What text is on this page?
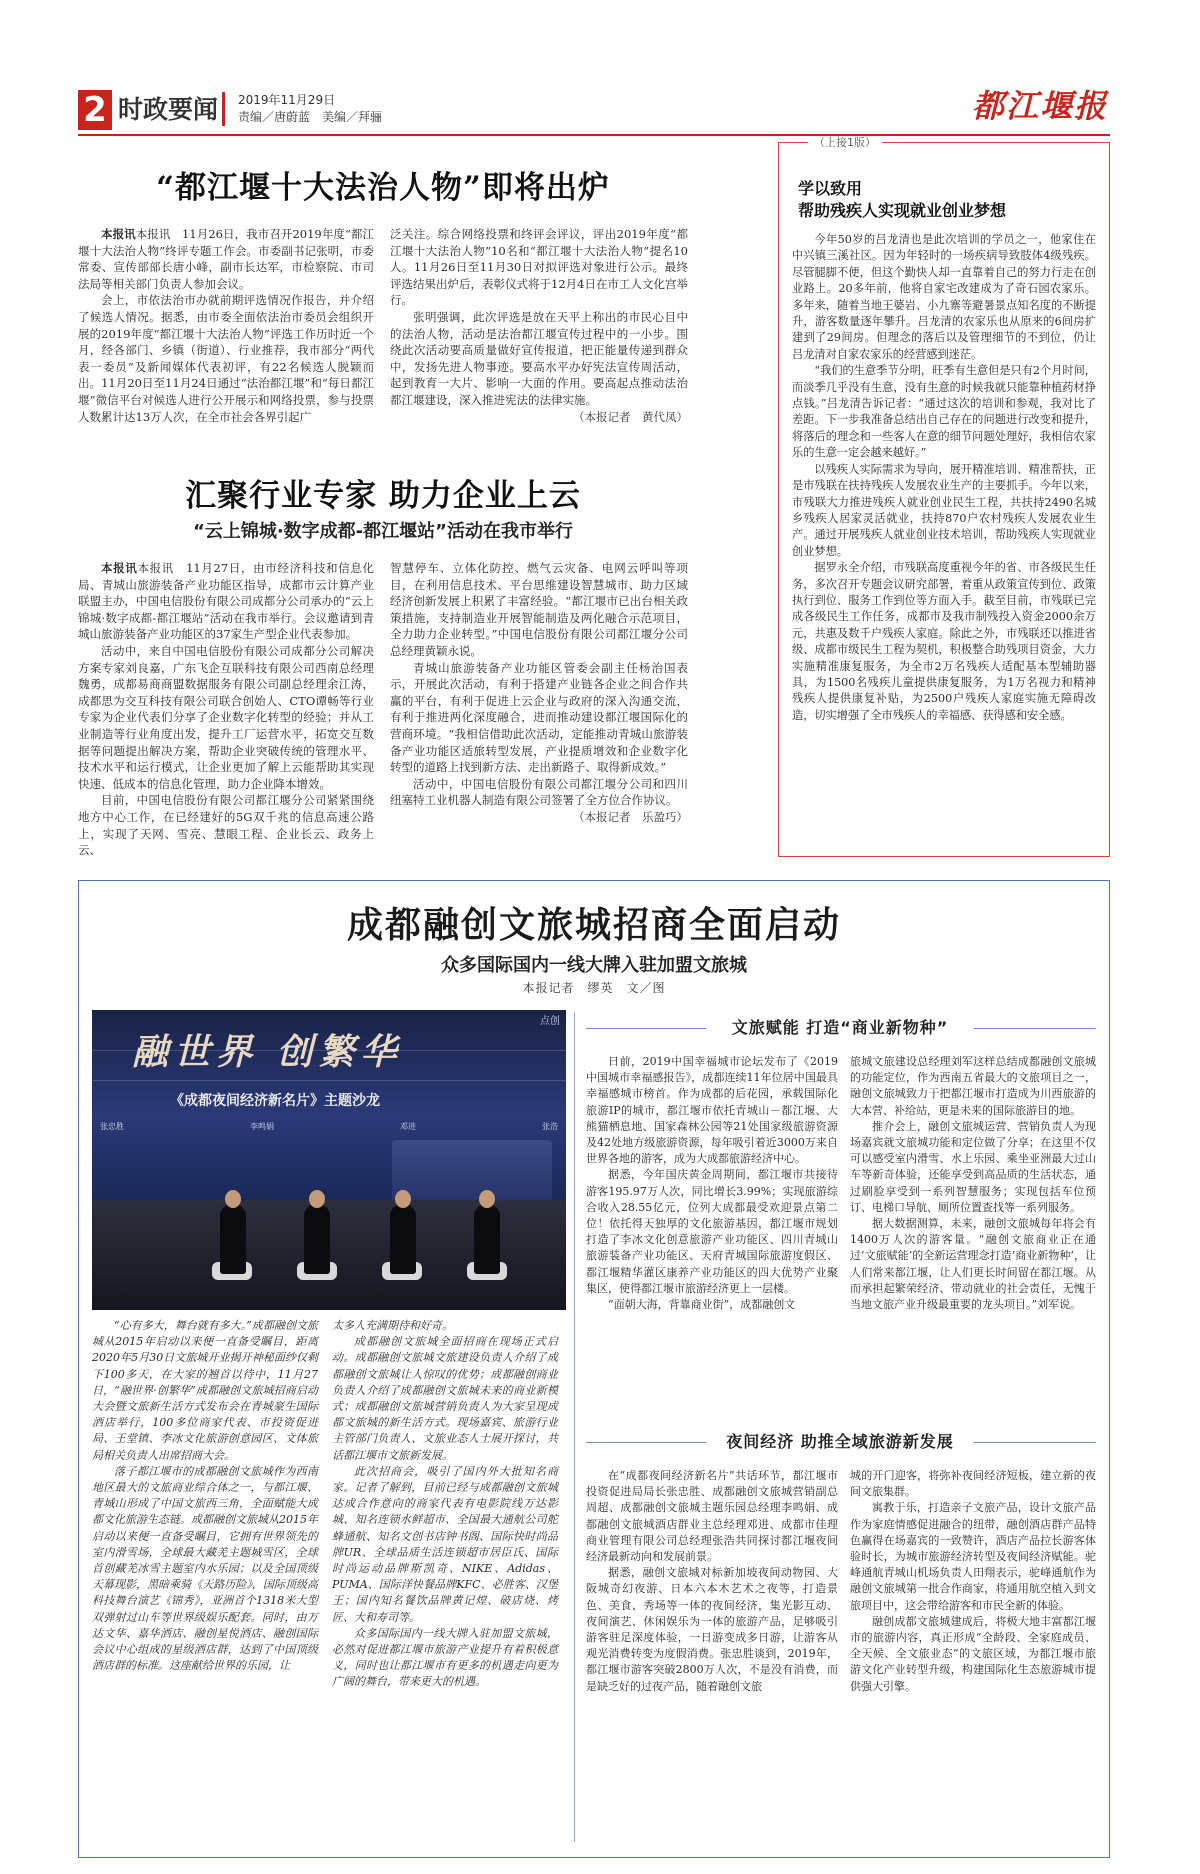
2 时政要闻 2019年11月29日
责编／唐蔚蓝　美编／拜骊	都江堰报
“都江堰十大法治人物”即将出炉

本报讯本报讯　11月26日，我市召开2019年度“都江堰十大法治人物”终评专题工作会。市委副书记张明，市委常委、宣传部部长唐小峰，副市长达军，市检察院、市司法局等相关部门负责人参加会议。

会上，市依法治市办就前期评选情况作报告，并介绍了候选人情况。据悉，由市委全面依法治市委员会组织开展的2019年度“都江堰十大法治人物”评选工作历时近一个月，经各部门、乡镇（街道）、行业推荐，我市部分“两代表一委员”及新闻媒体代表初评，有22名候选人脱颖而出。11月20日至11月24日通过“法治都江堰”和“每日都江堰”微信平台对候选人进行公开展示和网络投票，参与投票人数累计达13万人次，在全市社会各界引起广

泛关注。综合网络投票和终评会评议，评出2019年度“都江堰十大法治人物”10名和“都江堰十大法治人物”提名10人。11月26日至11月30日对拟评选对象进行公示。最终评选结果出炉后，表彰仪式将于12月4日在市工人文化宫举行。

张明强调，此次评选是放在天平上称出的市民心目中的法治人物，活动是法治都江堰宣传过程中的一小步。围绕此次活动要高质量做好宣传报道，把正能量传递到群众中，发扬先进人物事迹。要高水平办好宪法宣传周活动，起到教育一大片、影响一大面的作用。要高起点推动法治都江堰建设，深入推进宪法的法律实施。

（本报记者　黄代凤）
汇聚行业专家 助力企业上云
“云上锦城·数字成都-都江堰站”活动在我市举行

本报讯本报讯　11月27日，由市经济科技和信息化局、青城山旅游装备产业功能区指导，成都市云计算产业联盟主办，中国电信股份有限公司成都分公司承办的“云上锦城·数字成都-都江堰站”活动在我市举行。会议邀请到青城山旅游装备产业功能区的37家生产型企业代表参加。

活动中，来自中国电信股份有限公司成都分公司解决方案专家刘良嘉，广东飞企互联科技有限公司西南总经理魏勇，成都易商商盟数据服务有限公司副总经理余江涛，成都思为交互科技有限公司联合创始人、CTO谭畅等行业专家为企业代表们分享了企业数字化转型的经验；并从工业制造等行业角度出发，提升工厂运营水平，拓宽交互数据等问题提出解决方案，帮助企业突破传统的管理水平、技术水平和运行模式，让企业更加了解上云能帮助其实现快速、低成本的信息化管理，助力企业降本增效。

目前，中国电信股份有限公司都江堰分公司紧紧围绕地方中心工作，在已经建好的5G双千兆的信息高速公路上，实现了天网、雪亮、慧眼工程、企业长云、政务上云、

智慧停车、立体化防控、燃气云灾备、电网云呼叫等项目，在利用信息技术、平台思维建设智慧城市、助力区域经济创新发展上积累了丰富经验。“都江堰市已出台相关政策措施，支持制造业开展智能制造及两化融合示范项目，全力助力企业转型。”中国电信股份有限公司都江堰分公司总经理黄颖永说。

青城山旅游装备产业功能区管委会副主任杨治国表示，开展此次活动，有利于搭建产业链各企业之间合作共赢的平台，有利于促进上云企业与政府的深入沟通交流，有利于推进两化深度融合，进而推动建设都江堰国际化的营商环境。“我相信借助此次活动，定能推动青城山旅游装备产业功能区适旅转型发展，产业提质增效和企业数字化转型的道路上找到新方法、走出新路子、取得新成效。”

活动中，中国电信股份有限公司都江堰分公司和四川纽塞特工业机器人制造有限公司签署了全方位合作协议。

（本报记者　乐盈巧）
（上接1版）
学以致用
帮助残疾人实现就业创业梦想

今年50岁的吕龙清也是此次培训的学员之一，他家住在中兴镇三溪社区。因为年轻时的一场疾病导致肢体4级残疾。尽管腿脚不便，但这个勤快人却一直靠着自己的努力行走在创业路上。20多年前，他将自家宅改建成为了奇石园农家乐。多年来，随着当地王婆岩、小九寨等避暑景点知名度的不断提升，游客数量逐年攀升。吕龙清的农家乐也从原来的6间房扩建到了29间房。但理念的落后以及管理细节的不到位，仍让吕龙清对自家农家乐的经营感到迷茫。

“我们的生意季节分明，旺季有生意但是只有2个月时间，而淡季几乎没有生意，没有生意的时候我就只能靠种植药材挣点钱。”吕龙清告诉记者：“通过这次的培训和参观，我对比了差距。下一步我准备总结出自己存在的问题进行改变和提升，将落后的理念和一些客人在意的细节问题处理好，我相信农家乐的生意一定会越来越好。”

以残疾人实际需求为导向，展开精准培训、精准帮扶，正是市残联在扶持残疾人发展农业生产的主要抓手。今年以来，市残联大力推进残疾人就业创业民生工程，共扶持2490名城乡残疾人居家灵活就业，扶持870户农村残疾人发展农业生产。通过开展残疾人就业创业技术培训，帮助残疾人实现就业创业梦想。

据罗永全介绍，市残联高度重视今年的省、市各级民生任务，多次召开专题会议研究部署，着重从政策宣传到位、政策执行到位、服务工作到位等方面入手。截至目前，市残联已完成各级民生工作任务，成都市及我市制残投入资金2000余万元，共惠及数千户残疾人家庭。除此之外，市残联还以推进省级、成都市级民生工程为契机，积极整合助残项目资金，大力实施精准康复服务，为全市2万名残疾人适配基本型辅助器具，为1500名残疾儿童提供康复服务，为1万名视力和精神残疾人提供康复补贴，为2500户残疾人家庭实施无障碍改造，切实增强了全市残疾人的幸福感、获得感和安全感。

成都融创文旅城招商全面启动
众多国际国内一线大牌入驻加盟文旅城
本报记者　缪英　文／图
融世界 创繁华
《成都夜间经济新名片》主题沙龙
点创
张忠胜	李鸣娟	邓进	张浩

“心有多大，舞台就有多大。”成都融创文旅城从2015年启动以来便一直备受瞩目，距离2020年5月30日文旅城开业揭开神秘面纱仅剩下100多天，在大家的翘首以待中，11月27日，“融世界·创繁华”成都融创文旅城招商启动大会暨文旅新生活方式发布会在青城豪生国际酒店举行，100多位商家代表、市投资促进局、王堂镇、李冰文化旅游创意园区、文体旅局相关负责人出席招商大会。

落子都江堰市的成都融创文旅城作为西南地区最大的文旅商业综合体之一，与都江堰、青城山形成了中国文旅西三角，全面赋能大成都文化旅游生态链。成都融创文旅城从2015年启动以来便一直备受瞩目，它拥有世界领先的室内滑雪场，全球最大藏羌主题城雪区，全球首创藏羌冰雪主题室内水乐园；以及全国顶级天幕现影，黑暗乘骑《天路历险》，国际顶级高科技舞台演艺《锦秀》，亚洲首个1318米大型双弹射过山车等世界级娱乐配套。同时，由万达文华、嘉华酒店、融创星悦酒店、融创国际会议中心组成的星级酒店群，达到了中国顶级酒店群的标准。这座献给世界的乐园，让

太多人充满期待和好奇。

成都融创文旅城全面招商在现场正式启动。成都融创文旅城文旅建设负责人介绍了成都融创文旅城让人惊叹的优势；成都融创商业负责人介绍了成都融创文旅城未来的商业新模式；成都融创文旅城营销负责人为大家呈现成都文旅城的新生活方式。现场嘉宾、旅游行业主管部门负责人、文旅业态人士展开探讨，共话都江堰市文旅新发展。

此次招商会，吸引了国内外大批知名商家。记者了解到，目前已经与成都融创文旅城达成合作意向的商家代表有电影院线万达影城、知名连锁水鲜超市、全国最大通航公司舵蜂通航、知名文创书店钟书阁、国际快时尚品牌UR、全球品质生活连锁超市居臣氏、国际时尚运动品牌斯凯奇、NIKE、Adidas、PUMA、国际洋快餐品牌KFC、必胜客、汉堡王；国内知名餐饮品牌黄记煌、破店烧、烤匠、大和寿司等。

众多国际国内一线大牌入驻加盟文旅城，必然对促进都江堰市旅游产业提升有着积极意义，同时也让都江堰市有更多的机遇走向更为广阔的舞台，带来更大的机遇。

文旅赋能 打造“商业新物种”

日前，2019中国幸福城市论坛发布了《2019中国城市幸福感报告》，成都连续11年位居中国最具幸福感城市榜首。作为成都的后花园，承载国际化旅游IP的城市，都江堰市依托青城山－都江堰、大熊猫栖息地、国家森林公园等21处国家级旅游资源及42处地方级旅游资源，每年吸引着近3000万来自世界各地的游客，成为大成都旅游经济中心。

据悉，今年国庆黄金周期间，都江堰市共接待游客195.97万人次，同比增长3.99%；实现旅游综合收入28.55亿元，位列大成都最受欢迎景点第二位！依托得天独厚的文化旅游基因，都江堰市规划打造了李冰文化创意旅游产业功能区、四川青城山旅游装备产业功能区、天府青城国际旅游度假区、都江堰精华灌区康养产业功能区的四大优势产业聚集区，使得都江堰市旅游经济更上一层楼。

“面朝大海，背靠商业街”，成都融创文

旅城文旅建设总经理刘军这样总结成都融创文旅城的功能定位，作为西南五省最大的文旅项目之一，融创文旅城致力于把都江堰市打造成为川西旅游的大本营、补给站，更是未来的国际旅游目的地。

推介会上，融创文旅城运营、营销负责人为现场嘉宾就文旅城功能和定位做了分享；在这里不仅可以感受室内滑雪、水上乐园、乘坐亚洲最大过山车等新奇体验，还能享受到高品质的生活状态，通过刷脸享受到一系列智慧服务；实现包括车位预订、电梯口导航、厕所位置查找等一系列服务。

据大数据测算，未来，融创文旅城每年将会有1400万人次的游客量。“融创文旅商业正在通过‘文旅赋能’的全新运营理念打造‘商业新物种’，让人们常来都江堰，让人们更长时间留在都江堰。从而承担起繁荣经济、带动就业的社会责任，无愧于当地文旅产业升级最重要的龙头项目。”刘军说。

夜间经济 助推全域旅游新发展

在“成都夜间经济新名片”共话环节，都江堰市投资促进局局长张忠胜、成都融创文旅城营销副总周超、成都融创文旅城主题乐园总经理李鸣娟、成都融创文旅城酒店群业主总经理邓进、成都市佳理商业管理有限公司总经理张浩共同探讨都江堰夜间经济最新动向和发展前景。

据悉，融创文旅城对标新加坡夜间动物园、大阪城奇幻夜游、日本六本木艺术之夜等，打造景色、美食、秀场等一体的夜间经济，集光影互动、夜间演艺、休闲娱乐为一体的旅游产品，足够吸引游客驻足深度体验，一日游变成多日游，让游客从观光消费转变为度假消费。张忠胜谈到，2019年，都江堰市游客突破2800万人次，不是没有消费，而是缺乏好的过夜产品，随着融创文旅

城的开门迎客，将弥补夜间经济短板，建立新的夜间文旅集群。

寓教于乐，打造亲子文旅产品，设计文旅产品作为家庭情感促进融合的纽带，融创酒店群产品特色赢得在场嘉宾的一致赞许，酒店产品拉长游客体验时长，为城市旅游经济转型及夜间经济赋能。驼峰通航青城山机场负责人田翔表示，驼峰通航作为融创文旅城第一批合作商家，将通用航空植入到文旅项目中，这会带给游客和市民全新的体验。

融创成都文旅城建成后，将极大地丰富都江堰市的旅游内容，真正形成“全龄段、全家庭成员、全天候、全文旅业态”的文旅区域，为都江堰市旅游文化产业转型升级，构建国际化生态旅游城市提供强大引擎。
